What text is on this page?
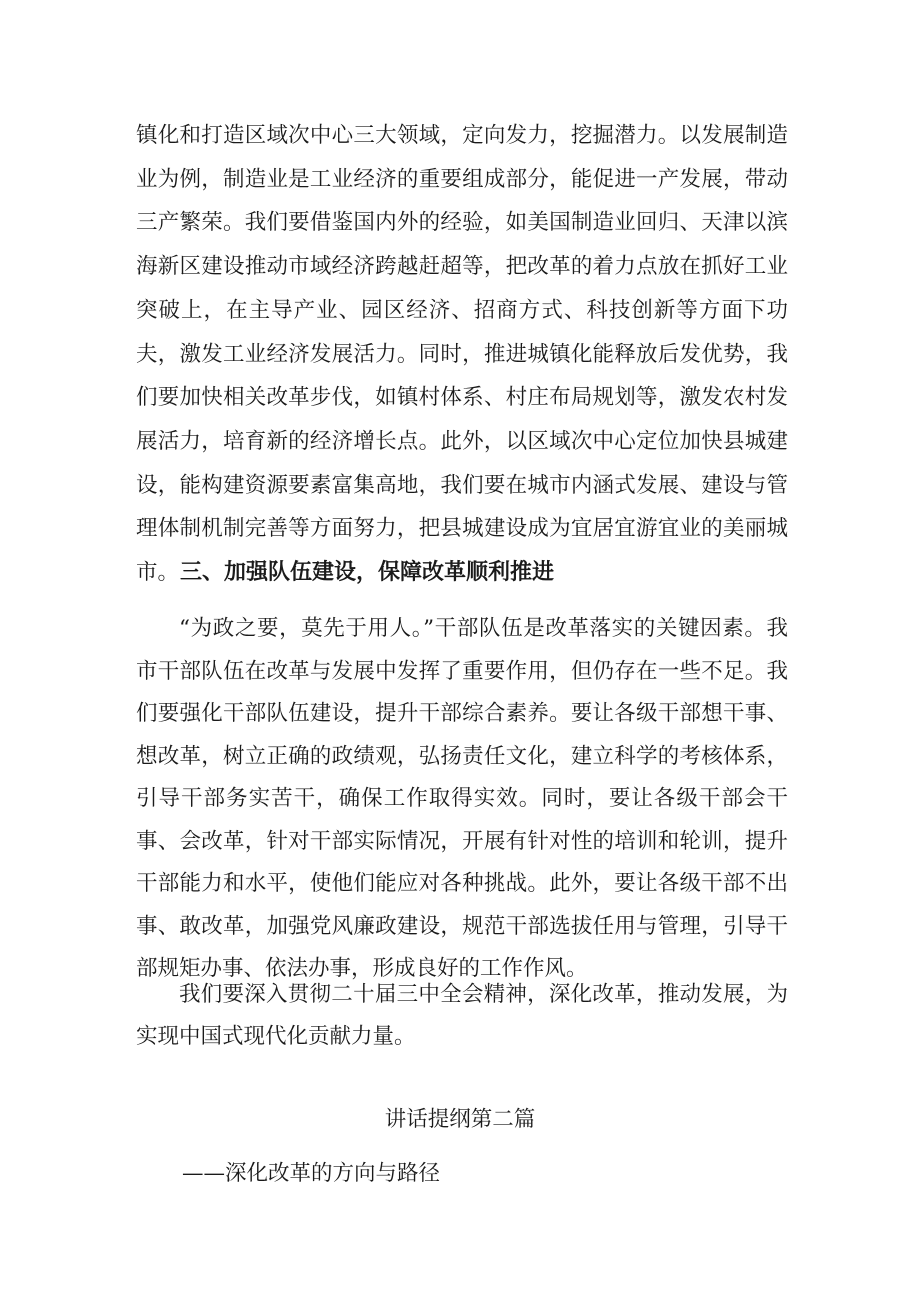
镇化和打造区域次中心三大领域，定向发力，挖掘潜力。以发展制造业为例，制造业是工业经济的重要组成部分，能促进一产发展，带动三产繁荣。我们要借鉴国内外的经验，如美国制造业回归、天津以滨海新区建设推动市域经济跨越赶超等，把改革的着力点放在抓好工业突破上，在主导产业、园区经济、招商方式、科技创新等方面下功夫，激发工业经济发展活力。同时，推进城镇化能释放后发优势，我们要加快相关改革步伐，如镇村体系、村庄布局规划等，激发农村发展活力，培育新的经济增长点。此外，以区域次中心定位加快县城建设，能构建资源要素富集高地，我们要在城市内涵式发展、建设与管理体制机制完善等方面努力，把县城建设成为宜居宜游宜业的美丽城市。 三、加强队伍建设，保障改革顺利推进

“为政之要，莫先于用人。”干部队伍是改革落实的关键因素。我市干部队伍在改革与发展中发挥了重要作用，但仍存在一些不足。我们要强化干部队伍建设，提升干部综合素养。要让各级干部想干事、想改革，树立正确的政绩观，弘扬责任文化，建立科学的考核体系，引导干部务实苦干，确保工作取得实效。同时，要让各级干部会干事、会改革，针对干部实际情况，开展有针对性的培训和轮训，提升干部能力和水平，使他们能应对各种挑战。此外，要让各级干部不出事、敢改革，加强党风廉政建设，规范干部选拔任用与管理，引导干部规矩办事、依法办事，形成良好的工作作风。

我们要深入贯彻二十届三中全会精神，深化改革，推动发展，为实现中国式现代化贡献力量。

讲话提纲第二篇
——深化改革的方向与路径
